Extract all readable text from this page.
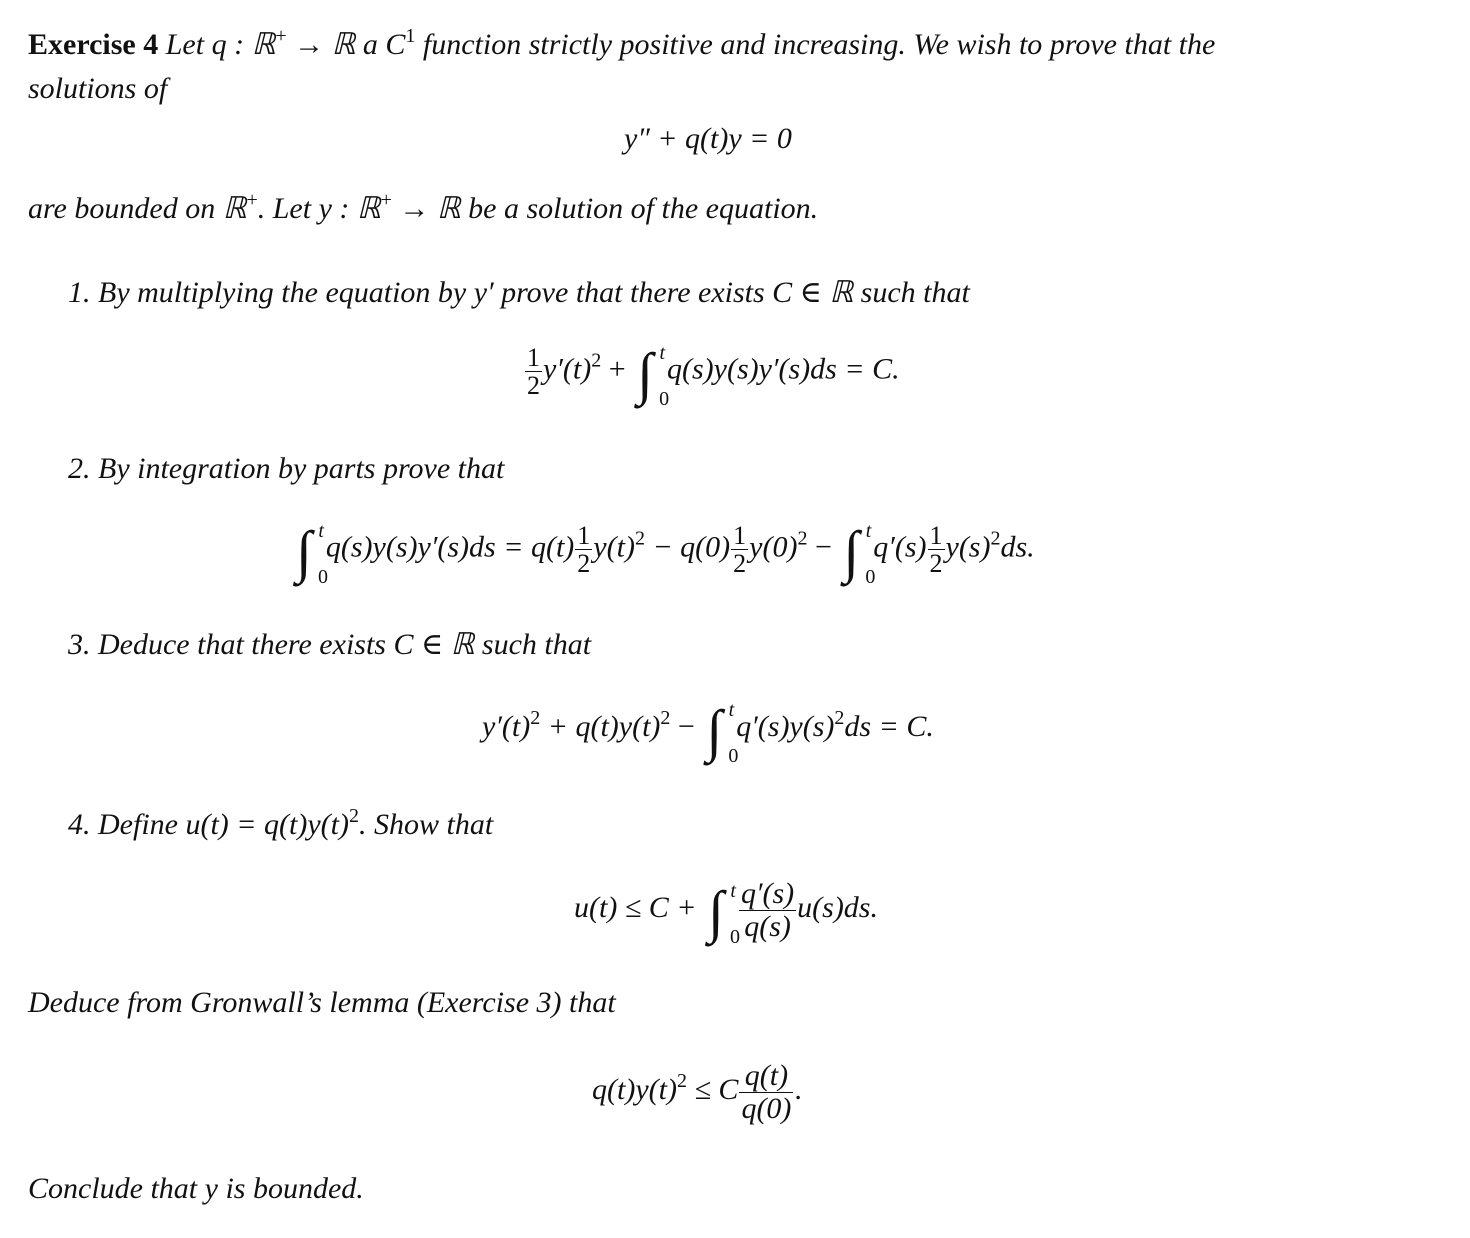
Exercise 4 Let q : ℝ+ → ℝ a $C^1$ function strictly positive and increasing. We wish to prove that the
solutions of
y″ + q(t)y = 0
are bounded on ℝ+. Let y : ℝ+ → ℝ be a solution of the equation.
1. By multiplying the equation by y′ prove that there exists C ∈ ℝ such that
$\frac{1}{2} y'(t)^2$ + ∫ t
0
q(s)y(s)y′(s)ds = C.
2. By integration by parts prove that
∫ t
0
$q(s)y(s)y'(s)ds = q(t) \frac{1}{2} y(t)^2 - q(0) \frac{1}{2} y(0)^2$ − ∫ t
0
$q'(s) \frac{1}{2} y(s)^2ds$.
3. Deduce that there exists C ∈ ℝ such that
$y'(t)^2 + q(t)y(t)^2$ − ∫ t
0
$q'(s)y(s)^2ds = C$.
4. Define $u(t) = q(t)y(t)^2$. Show that
u(t) ≤ C + ∫ t
0
$\frac{q'(s)}{q(s)} u(s)ds$.
Deduce from Gronwall’s lemma (Exercise 3) that
$q(t)y(t)^2 \le C \frac{q(t)}{q(0)}$ .
Conclude that y is bounded.
